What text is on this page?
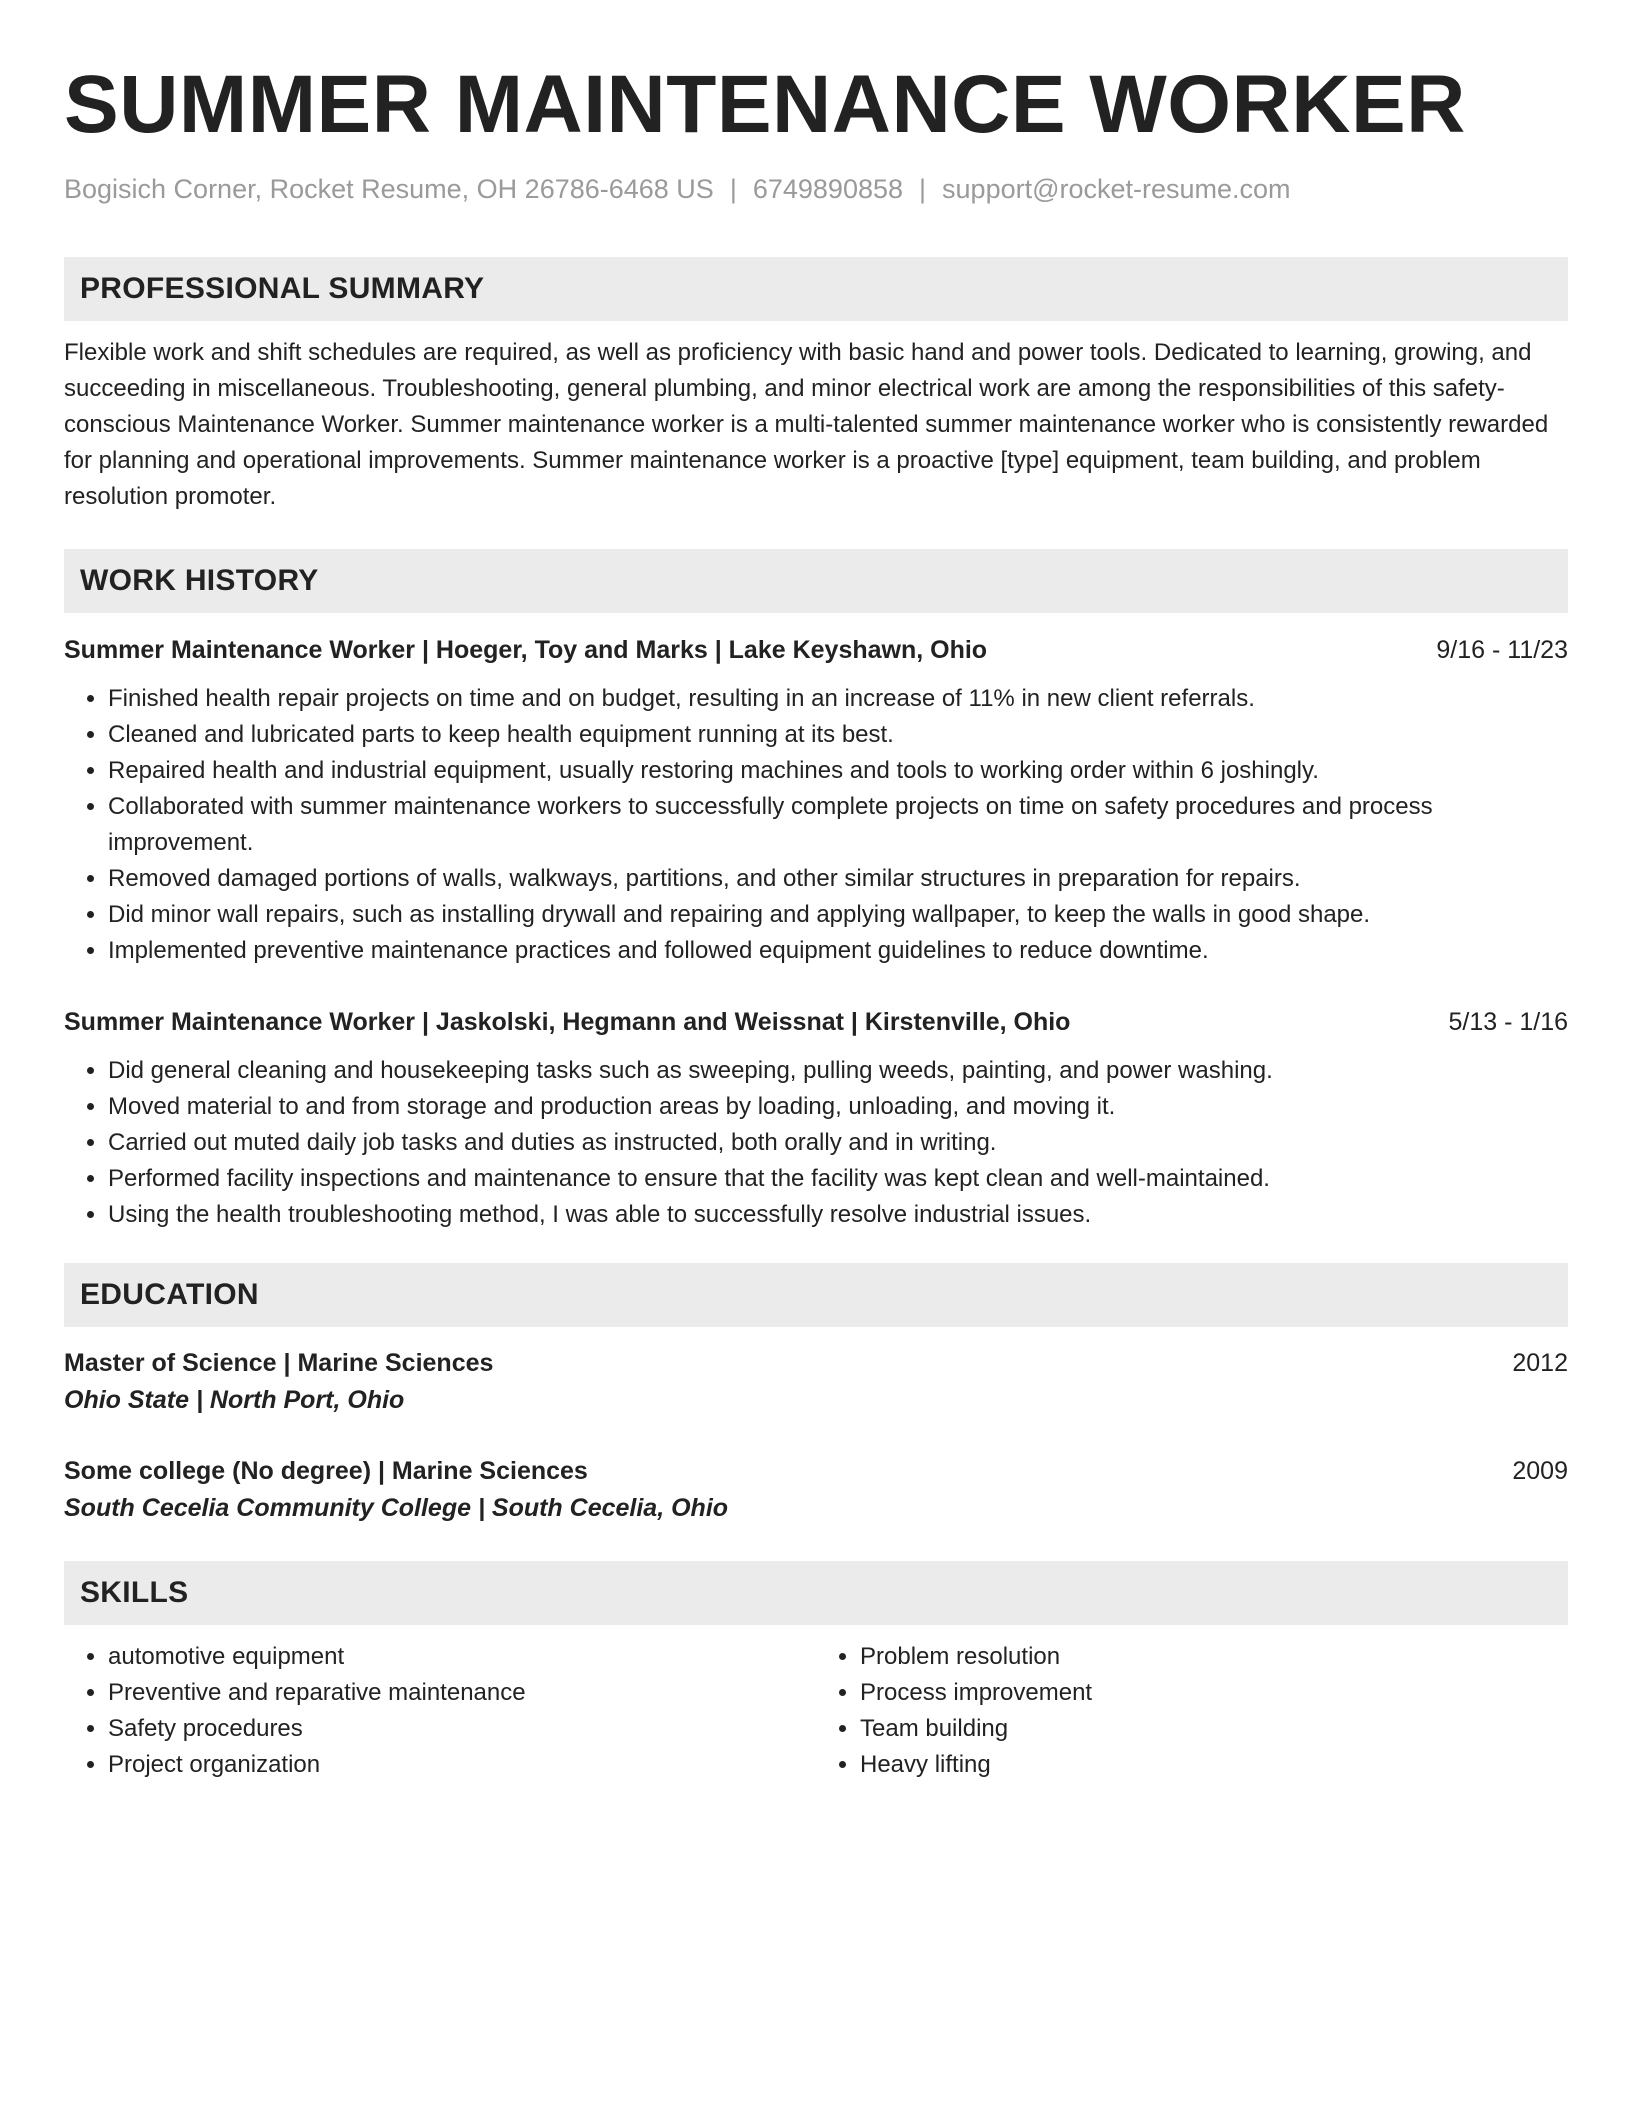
SUMMER MAINTENANCE WORKER
Bogisich Corner, Rocket Resume, OH 26786-6468 US | 6749890858 | support@rocket-resume.com
PROFESSIONAL SUMMARY
Flexible work and shift schedules are required, as well as proficiency with basic hand and power tools. Dedicated to learning, growing, and succeeding in miscellaneous. Troubleshooting, general plumbing, and minor electrical work are among the responsibilities of this safety-conscious Maintenance Worker. Summer maintenance worker is a multi-talented summer maintenance worker who is consistently rewarded for planning and operational improvements. Summer maintenance worker is a proactive [type] equipment, team building, and problem resolution promoter.
WORK HISTORY
Summer Maintenance Worker | Hoeger, Toy and Marks | Lake Keyshawn, Ohio	9/16 - 11/23
• Finished health repair projects on time and on budget, resulting in an increase of 11% in new client referrals.
• Cleaned and lubricated parts to keep health equipment running at its best.
• Repaired health and industrial equipment, usually restoring machines and tools to working order within 6 joshingly.
• Collaborated with summer maintenance workers to successfully complete projects on time on safety procedures and process improvement.
• Removed damaged portions of walls, walkways, partitions, and other similar structures in preparation for repairs.
• Did minor wall repairs, such as installing drywall and repairing and applying wallpaper, to keep the walls in good shape.
• Implemented preventive maintenance practices and followed equipment guidelines to reduce downtime.
Summer Maintenance Worker | Jaskolski, Hegmann and Weissnat | Kirstenville, Ohio	5/13 - 1/16
• Did general cleaning and housekeeping tasks such as sweeping, pulling weeds, painting, and power washing.
• Moved material to and from storage and production areas by loading, unloading, and moving it.
• Carried out muted daily job tasks and duties as instructed, both orally and in writing.
• Performed facility inspections and maintenance to ensure that the facility was kept clean and well-maintained.
• Using the health troubleshooting method, I was able to successfully resolve industrial issues.
EDUCATION
Master of Science | Marine Sciences	2012
Ohio State | North Port, Ohio
Some college (No degree) | Marine Sciences	2009
South Cecelia Community College | South Cecelia, Ohio
SKILLS
• automotive equipment
• Preventive and reparative maintenance
• Safety procedures
• Project organization
• Problem resolution
• Process improvement
• Team building
• Heavy lifting
